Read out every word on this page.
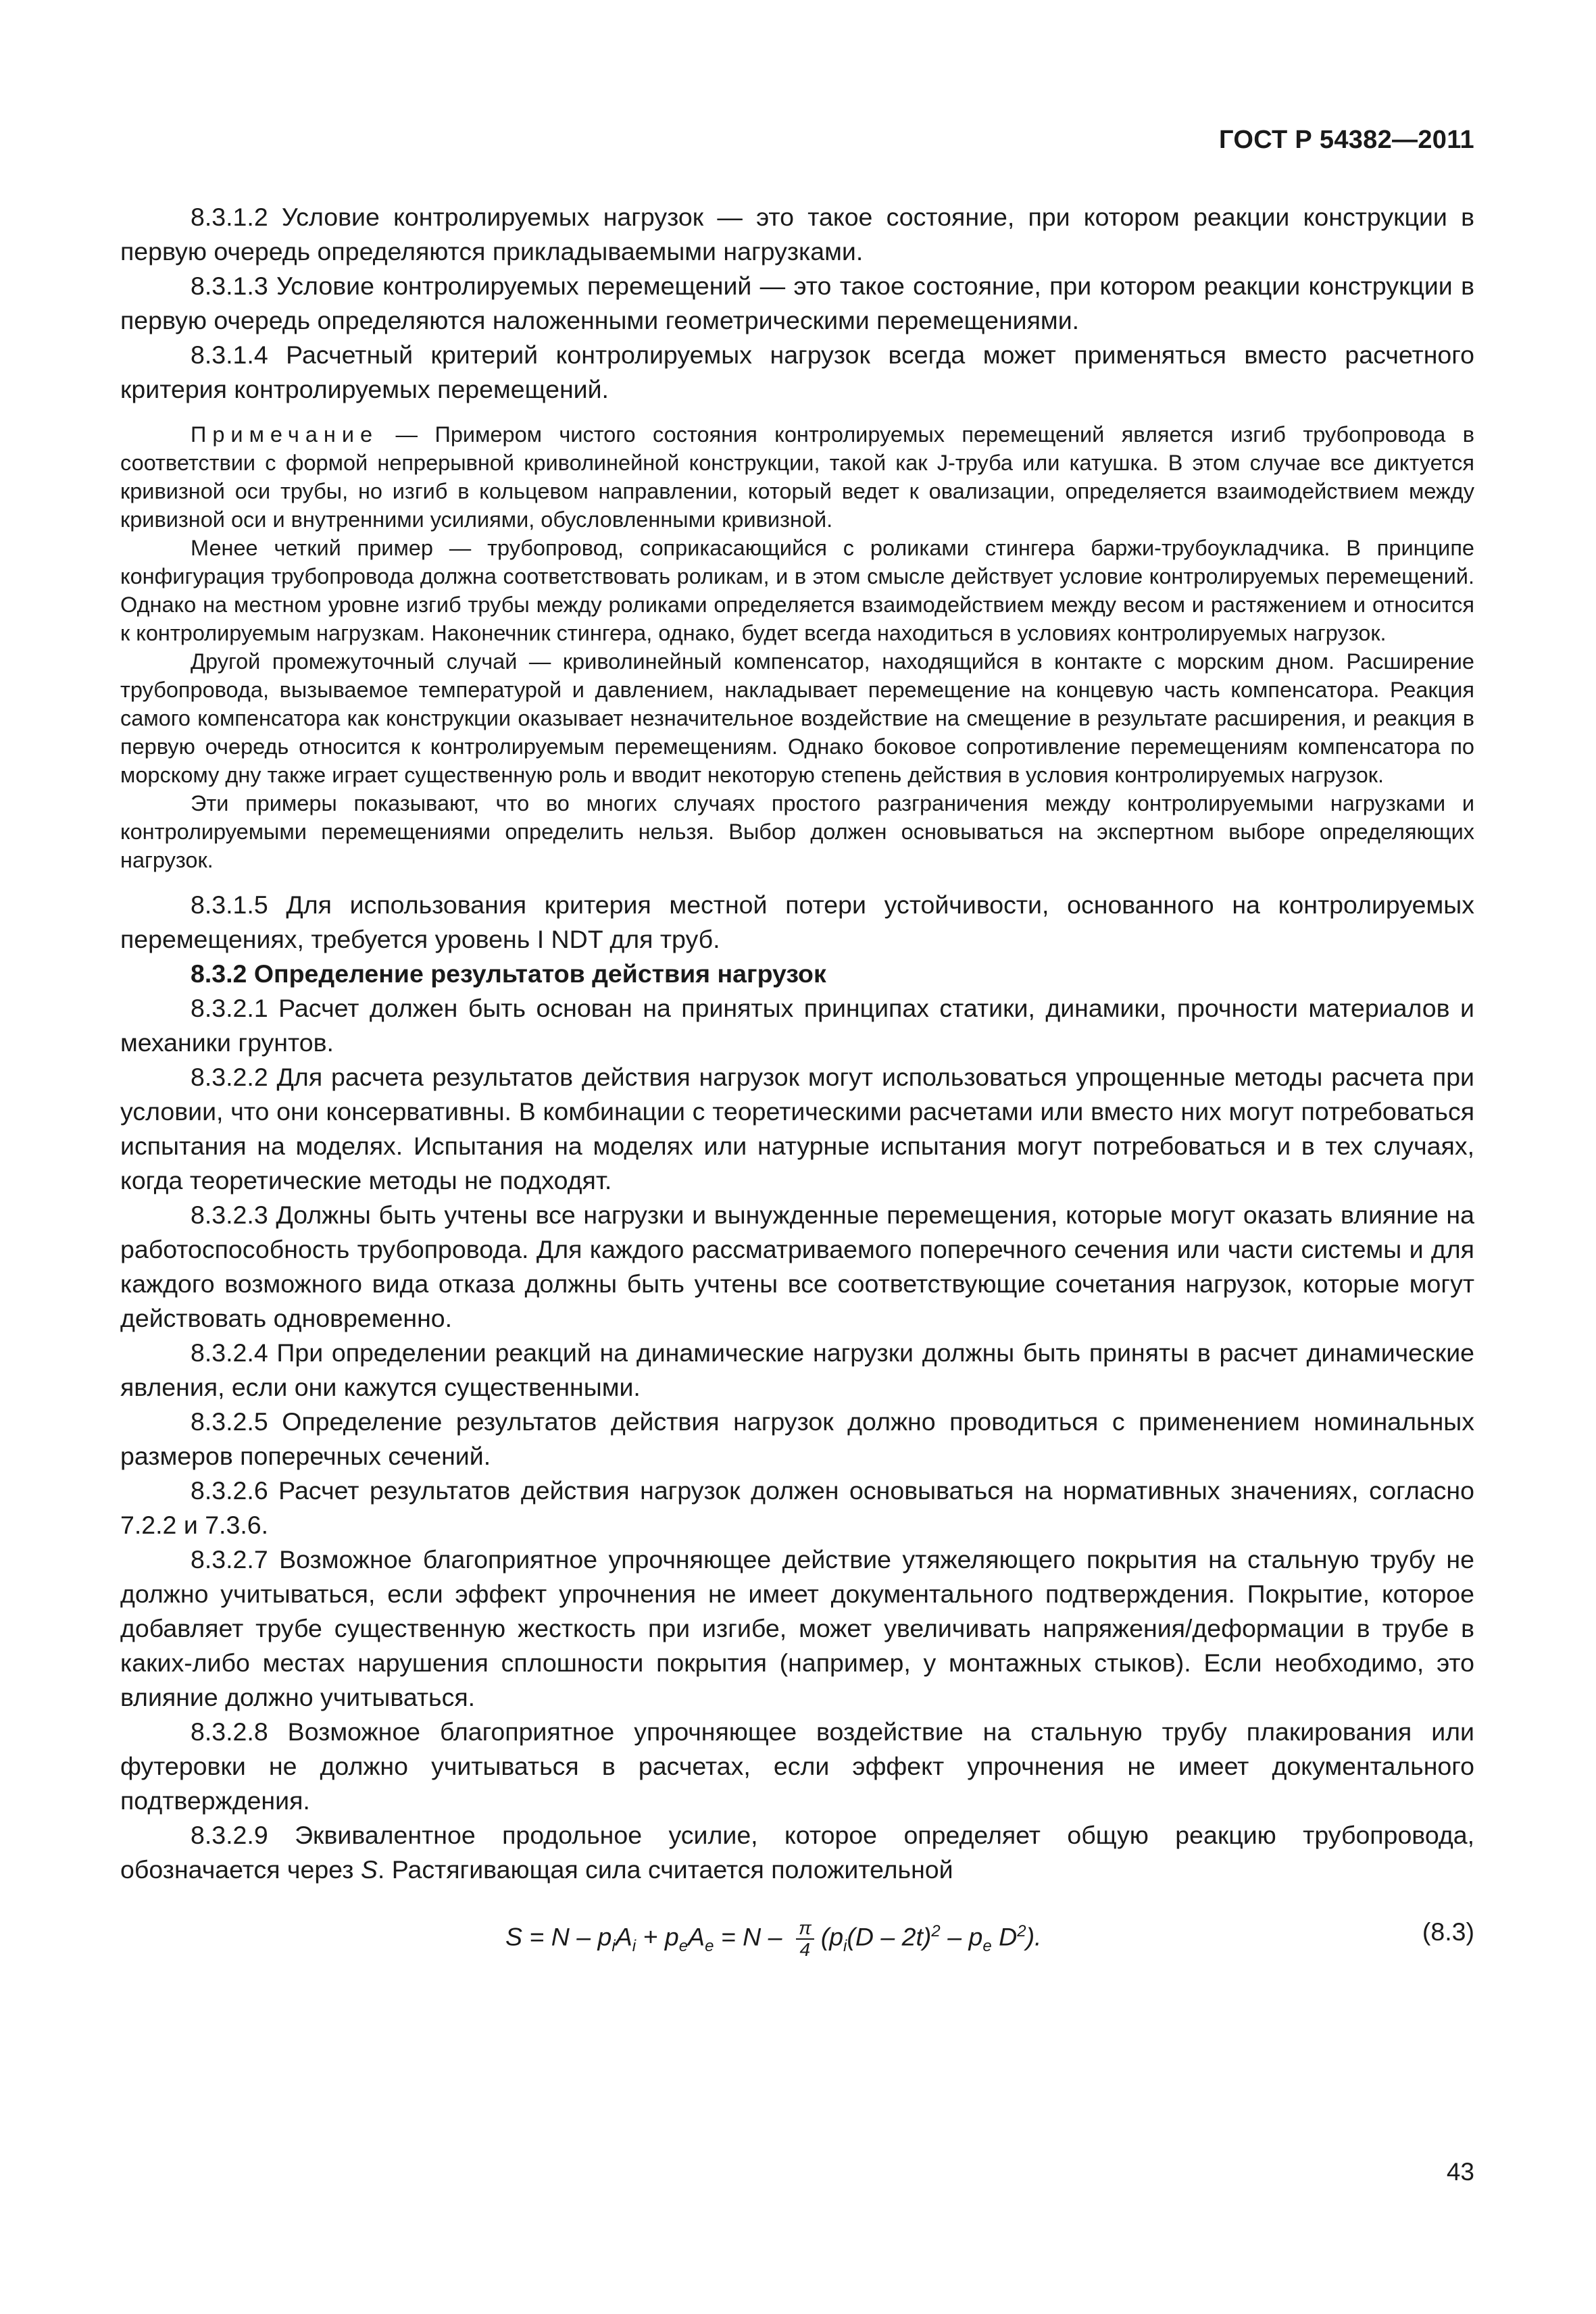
ГОСТ Р 54382—2011

8.3.1.2 Условие контролируемых нагрузок — это такое состояние, при котором реакции конструкции в первую очередь определяются прикладываемыми нагрузками.

8.3.1.3 Условие контролируемых перемещений — это такое состояние, при котором реакции конструкции в первую очередь определяются наложенными геометрическими перемещениями.

8.3.1.4 Расчетный критерий контролируемых нагрузок всегда может применяться вместо расчетного критерия контролируемых перемещений.

Примечание — Примером чистого состояния контролируемых перемещений является изгиб трубопровода в соответствии с формой непрерывной криволинейной конструкции, такой как J-труба или катушка. В этом случае все диктуется кривизной оси трубы, но изгиб в кольцевом направлении, который ведет к овализации, определяется взаимодействием между кривизной оси и внутренними усилиями, обусловленными кривизной.

Менее четкий пример — трубопровод, соприкасающийся с роликами стингера баржи-трубоукладчика. В принципе конфигурация трубопровода должна соответствовать роликам, и в этом смысле действует условие контролируемых перемещений. Однако на местном уровне изгиб трубы между роликами определяется взаимодействием между весом и растяжением и относится к контролируемым нагрузкам. Наконечник стингера, однако, будет всегда находиться в условиях контролируемых нагрузок.

Другой промежуточный случай — криволинейный компенсатор, находящийся в контакте с морским дном. Расширение трубопровода, вызываемое температурой и давлением, накладывает перемещение на концевую часть компенсатора. Реакция самого компенсатора как конструкции оказывает незначительное воздействие на смещение в результате расширения, и реакция в первую очередь относится к контролируемым перемещениям. Однако боковое сопротивление перемещениям компенсатора по морскому дну также играет существенную роль и вводит некоторую степень действия в условия контролируемых нагрузок.

Эти примеры показывают, что во многих случаях простого разграничения между контролируемыми нагрузками и контролируемыми перемещениями определить нельзя. Выбор должен основываться на экспертном выборе определяющих нагрузок.

8.3.1.5 Для использования критерия местной потери устойчивости, основанного на контролируемых перемещениях, требуется уровень I NDT для труб.

8.3.2 Определение результатов действия нагрузок

8.3.2.1 Расчет должен быть основан на принятых принципах статики, динамики, прочности материалов и механики грунтов.

8.3.2.2 Для расчета результатов действия нагрузок могут использоваться упрощенные методы расчета при условии, что они консервативны. В комбинации с теоретическими расчетами или вместо них могут потребоваться испытания на моделях. Испытания на моделях или натурные испытания могут потребоваться и в тех случаях, когда теоретические методы не подходят.

8.3.2.3 Должны быть учтены все нагрузки и вынужденные перемещения, которые могут оказать влияние на работоспособность трубопровода. Для каждого рассматриваемого поперечного сечения или части системы и для каждого возможного вида отказа должны быть учтены все соответствующие сочетания нагрузок, которые могут действовать одновременно.

8.3.2.4 При определении реакций на динамические нагрузки должны быть приняты в расчет динамические явления, если они кажутся существенными.

8.3.2.5 Определение результатов действия нагрузок должно проводиться с применением номинальных размеров поперечных сечений.

8.3.2.6 Расчет результатов действия нагрузок должен основываться на нормативных значениях, согласно 7.2.2 и 7.3.6.

8.3.2.7 Возможное благоприятное упрочняющее действие утяжеляющего покрытия на стальную трубу не должно учитываться, если эффект упрочнения не имеет документального подтверждения. Покрытие, которое добавляет трубе существенную жесткость при изгибе, может увеличивать напряжения/деформации в трубе в каких-либо местах нарушения сплошности покрытия (например, у монтажных стыков). Если необходимо, это влияние должно учитываться.

8.3.2.8 Возможное благоприятное упрочняющее воздействие на стальную трубу плакирования или футеровки не должно учитываться в расчетах, если эффект упрочнения не имеет документального подтверждения.

8.3.2.9 Эквивалентное продольное усилие, которое определяет общую реакцию трубопровода, обозначается через S. Растягивающая сила считается положительной

$S = N - p_iA_i + p_eA_e = N - \frac{\pi}{4} (p_i(D - 2t)^2 - p_e$ $D^2$).	(8.3)
43
